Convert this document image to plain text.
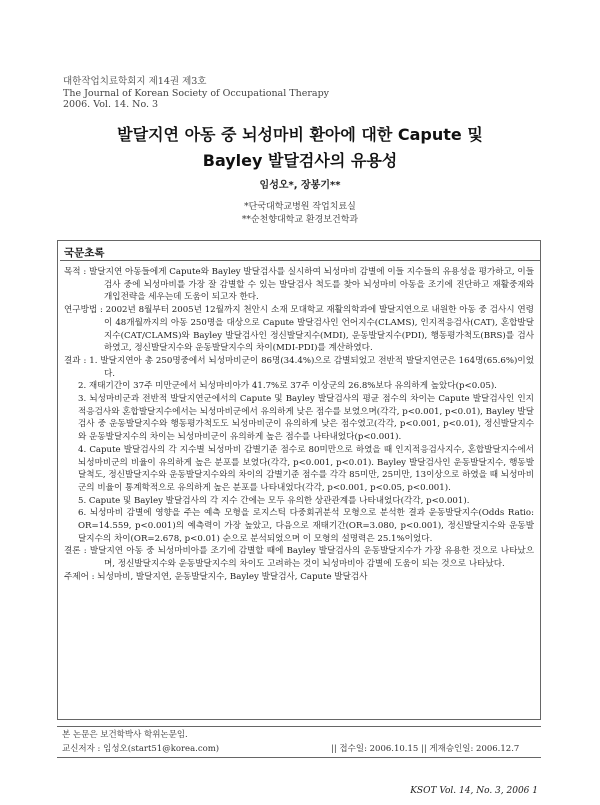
대한작업치료학회지 제14권 제3호
The Journal of Korean Society of Occupational Therapy
2006. Vol. 14. No. 3
발달지연 아동 중 뇌성마비 환아에 대한 Capute 및
Bayley 발달검사의 유용성
임성오*, 장봉기**
*단국대학교병원 작업치료실
**순천향대학교 환경보건학과
국문초록

목적 : 발달지연 아동들에게 Capute와 Bayley 발달검사를 실시하여 뇌성마비 감별에 이들 지수들의 유용성을 평가하고, 이들 검사 중에 뇌성마비를 가장 잘 감별할 수 있는 발달검사 척도를 찾아 뇌성마비 아동을 조기에 진단하고 재활중재와 개입전략을 세우는데 도움이 되고자 한다.

연구방법 : 2002년 8월부터 2005년 12월까지 천안시 소재 모대학교 재활의학과에 발달지연으로 내원한 아동 중 검사시 연령이 48개월까지의 아동 250명을 대상으로 Capute 발달검사인 언어지수(CLAMS), 인지적응검사(CAT), 혼합발달지수(CAT/CLAMS)와 Bayley 발달검사인 정신발달지수(MDI), 운동발달지수(PDI), 행동평가척도(BRS)를 검사하였고, 정신발달지수와 운동발달지수의 차이(MDI-PDI)를 계산하였다.

결과 : 1. 발달지연아 총 250명중에서 뇌성마비군이 86명(34.4%)으로 감별되었고 전반적 발달지연군은 164명(65.6%)이었다.

2. 재태기간이 37주 미만군에서 뇌성마비아가 41.7%로 37주 이상군의 26.8%보다 유의하게 높았다(p<0.05).

3. 뇌성마비군과 전반적 발달지연군에서의 Capute 및 Bayley 발달검사의 평균 점수의 차이는 Capute 발달검사인 인지적응검사와 혼합발달지수에서는 뇌성마비군에서 유의하게 낮은 점수를 보였으며(각각, p<0.001, p<0.01), Bayley 발달검사 중 운동발달지수와 행동평가척도도 뇌성마비군이 유의하게 낮은 점수였고(각각, p<0.001, p<0.01), 정신발달지수와 운동발달지수의 차이는 뇌성마비군이 유의하게 높은 점수를 나타내었다(p<0.001).

4. Capute 발달검사의 각 지수별 뇌성마비 감별기준 점수로 80미만으로 하였을 때 인지적응검사지수, 혼합발달지수에서 뇌성마비군의 비율이 유의하게 높은 분포를 보였다(각각, p<0.001, p<0.01). Bayley 발달검사인 운동발달지수, 행동발달척도, 정신발달지수와 운동발달지수와의 차이의 감별기준 점수를 각각 85미만, 25미만, 13이상으로 하였을 때 뇌성마비군의 비율이 통계학적으로 유의하게 높은 분포를 나타내었다(각각, p<0.001, p<0.05, p<0.001).

5. Capute 및 Bayley 발달검사의 각 지수 간에는 모두 유의한 상관관계를 나타내었다(각각, p<0.001).

6. 뇌성마비 감별에 영향을 주는 예측 모형을 로지스틱 다중회귀분석 모형으로 분석한 결과 운동발달지수(Odds Ratio: OR=14.559, p<0.001)의 예측력이 가장 높았고, 다음으로 재태기간(OR=3.080, p<0.001), 정신발달지수와 운동발달지수의 차이(OR=2.678, p<0.01) 순으로 분석되었으며 이 모형의 설명력은 25.1%이었다.

결론 : 발달지연 아동 중 뇌성마비아를 조기에 감별할 때에 Bayley 발달검사의 운동발달지수가 가장 유용한 것으로 나타났으며, 정신발달지수와 운동발달지수의 차이도 고려하는 것이 뇌성마비아 감별에 도움이 되는 것으로 나타났다.

주제어 : 뇌성마비, 발달지연, 운동발달지수, Bayley 발달검사, Capute 발달검사

본 논문은 보건학박사 학위논문임.
교신저자 : 임성오(start51@korea.com)	|| 접수일: 2006.10.15 || 게재승인일: 2006.12.7
KSOT Vol. 14, No. 3, 2006 1
